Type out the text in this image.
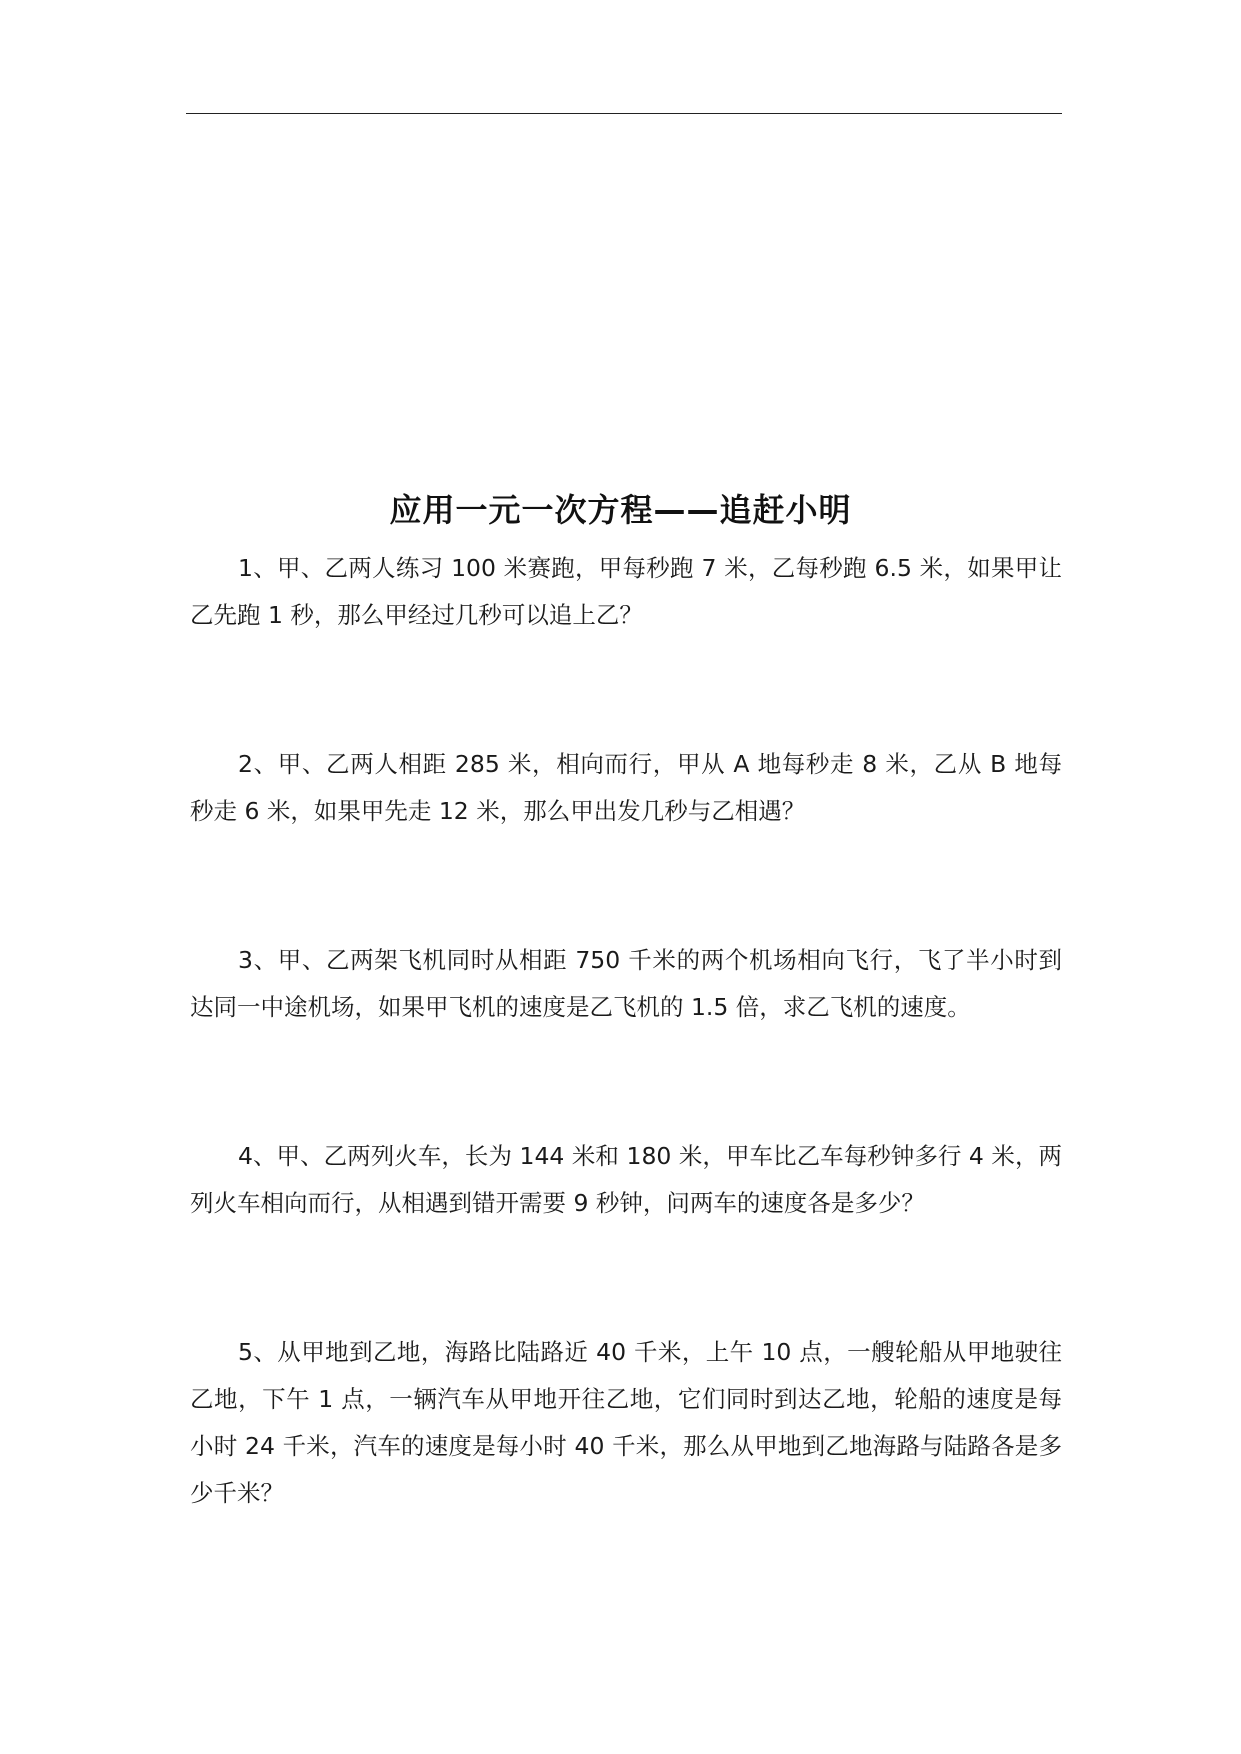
应用一元一次方程——追赶小明

1、甲、乙两人练习 100 米赛跑，甲每秒跑 7 米，乙每秒跑 6.5 米，如果甲让乙先跑 1 秒，那么甲经过几秒可以追上乙？

2、甲、乙两人相距 285 米，相向而行，甲从 A 地每秒走 8 米，乙从 B 地每秒走 6 米，如果甲先走 12 米，那么甲出发几秒与乙相遇？

3、甲、乙两架飞机同时从相距 750 千米的两个机场相向飞行，飞了半小时到达同一中途机场，如果甲飞机的速度是乙飞机的 1.5 倍，求乙飞机的速度。

4、甲、乙两列火车，长为 144 米和 180 米，甲车比乙车每秒钟多行 4 米，两列火车相向而行，从相遇到错开需要 9 秒钟，问两车的速度各是多少？

5、从甲地到乙地，海路比陆路近 40 千米，上午 10 点，一艘轮船从甲地驶往乙地，下午 1 点，一辆汽车从甲地开往乙地，它们同时到达乙地，轮船的速度是每小时 24 千米，汽车的速度是每小时 40 千米，那么从甲地到乙地海路与陆路各是多少千米？
